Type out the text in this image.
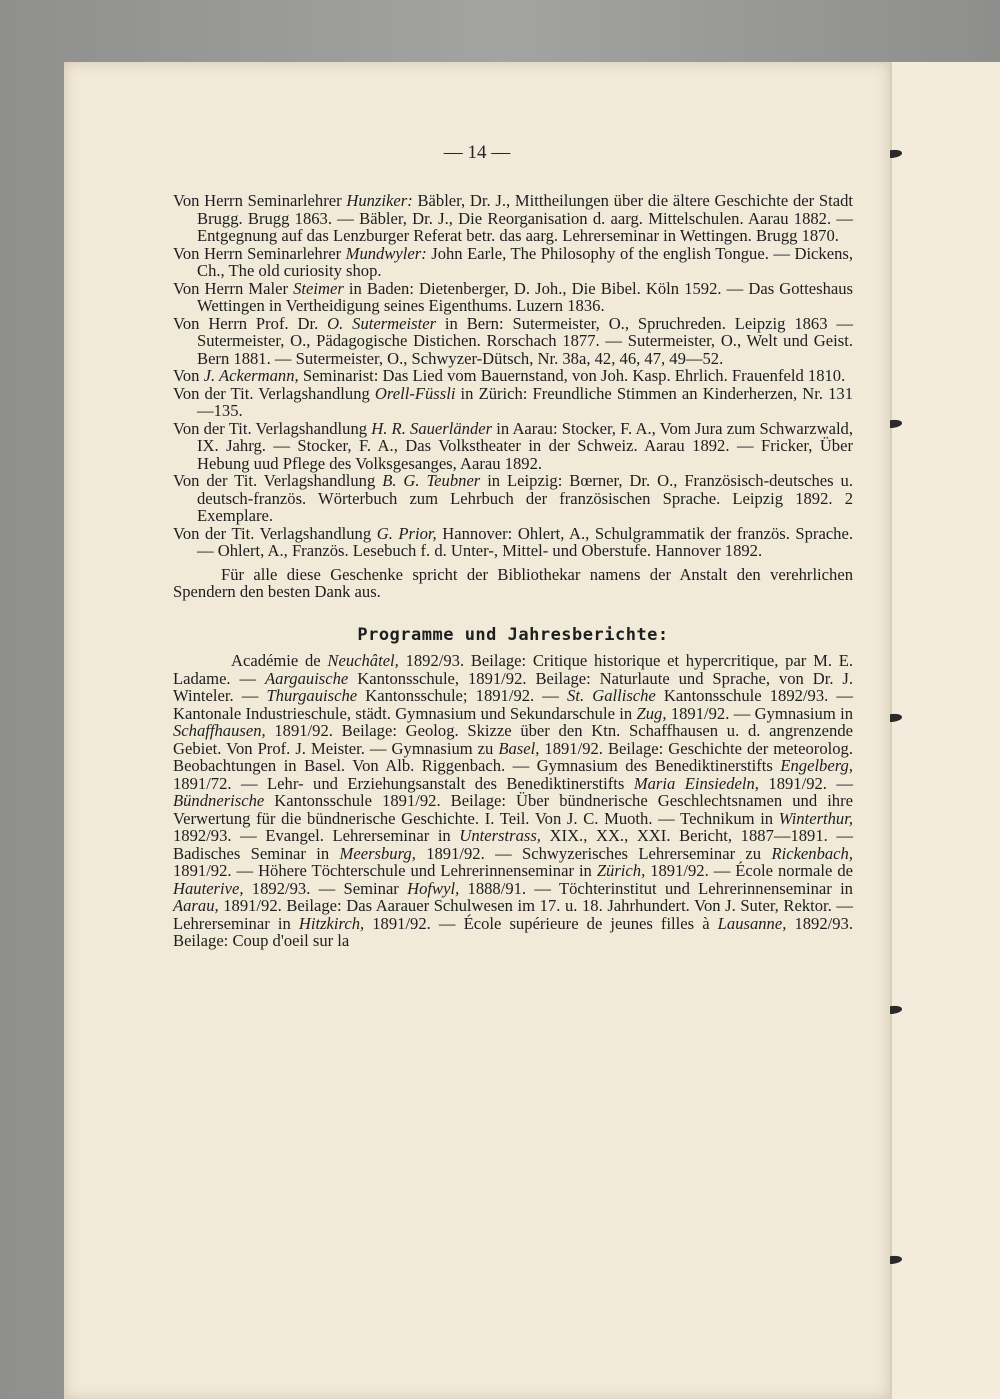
— 14 —

Von Herrn Seminarlehrer Hunziker: Bäbler, Dr. J., Mittheilungen über die ältere Geschichte der Stadt Brugg. Brugg 1863. — Bäbler, Dr. J., Die Reorganisation d. aarg. Mittelschulen. Aarau 1882. — Entgegnung auf das Lenzburger Referat betr. das aarg. Lehrerseminar in Wettingen. Brugg 1870.

Von Herrn Seminarlehrer Mundwyler: John Earle, The Philosophy of the english Tongue. — Dickens, Ch., The old curiosity shop.

Von Herrn Maler Steimer in Baden: Dietenberger, D. Joh., Die Bibel. Köln 1592. — Das Gotteshaus Wettingen in Vertheidigung seines Eigenthums. Luzern 1836.

Von Herrn Prof. Dr. O. Sutermeister in Bern: Sutermeister, O., Spruchreden. Leipzig 1863 — Sutermeister, O., Pädagogische Distichen. Rorschach 1877. — Sutermeister, O., Welt und Geist. Bern 1881. — Sutermeister, O., Schwyzer-Dütsch, Nr. 38a, 42, 46, 47, 49—52.

Von J. Ackermann, Seminarist: Das Lied vom Bauernstand, von Joh. Kasp. Ehrlich. Frauenfeld 1810.

Von der Tit. Verlagshandlung Orell-Füssli in Zürich: Freundliche Stimmen an Kinderherzen, Nr. 131—135.

Von der Tit. Verlagshandlung H. R. Sauerländer in Aarau: Stocker, F. A., Vom Jura zum Schwarzwald, IX. Jahrg. — Stocker, F. A., Das Volkstheater in der Schweiz. Aarau 1892. — Fricker, Über Hebung uud Pflege des Volksgesanges, Aarau 1892.

Von der Tit. Verlagshandlung B. G. Teubner in Leipzig: Bœrner, Dr. O., Französisch-deutsches u. deutsch-französ. Wörterbuch zum Lehrbuch der französischen Sprache. Leipzig 1892. 2 Exemplare.

Von der Tit. Verlagshandlung G. Prior, Hannover: Ohlert, A., Schulgrammatik der französ. Sprache. — Ohlert, A., Französ. Lesebuch f. d. Unter-, Mittel- und Oberstufe. Hannover 1892.

Für alle diese Geschenke spricht der Bibliothekar namens der Anstalt den verehrlichen Spendern den besten Dank aus.

Programme und Jahresberichte:

Académie de Neuchâtel, 1892/93. Beilage: Critique historique et hypercritique, par M. E. Ladame. — Aargauische Kantonsschule, 1891/92. Beilage: Naturlaute und Sprache, von Dr. J. Winteler. — Thurgauische Kantonsschule; 1891/92. — St. Gallische Kantonsschule 1892/93. — Kantonale Industrieschule, städt. Gymnasium und Sekundarschule in Zug, 1891/92. — Gymnasium in Schaffhausen, 1891/92. Beilage: Geolog. Skizze über den Ktn. Schaffhausen u. d. angrenzende Gebiet. Von Prof. J. Meister. — Gymnasium zu Basel, 1891/92. Beilage: Geschichte der meteorolog. Beobachtungen in Basel. Von Alb. Riggenbach. — Gymnasium des Benediktinerstifts Engelberg, 1891/72. — Lehr- und Erziehungsanstalt des Benediktinerstifts Maria Einsiedeln, 1891/92. — Bündnerische Kantonsschule 1891/92. Beilage: Über bündnerische Geschlechtsnamen und ihre Verwertung für die bündnerische Geschichte. I. Teil. Von J. C. Muoth. — Technikum in Winterthur, 1892/93. — Evangel. Lehrerseminar in Unterstrass, XIX., XX., XXI. Bericht, 1887—1891. — Badisches Seminar in Meersburg, 1891/92. — Schwyzerisches Lehrerseminar zu Rickenbach, 1891/92. — Höhere Töchterschule und Lehrerinnenseminar in Zürich, 1891/92. — École normale de Hauterive, 1892/93. — Seminar Hofwyl, 1888/91. — Töchterinstitut und Lehrerinnenseminar in Aarau, 1891/92. Beilage: Das Aarauer Schulwesen im 17. u. 18. Jahrhundert. Von J. Suter, Rektor. — Lehrerseminar in Hitzkirch, 1891/92. — École supérieure de jeunes filles à Lausanne, 1892/93. Beilage: Coup d'oeil sur la
